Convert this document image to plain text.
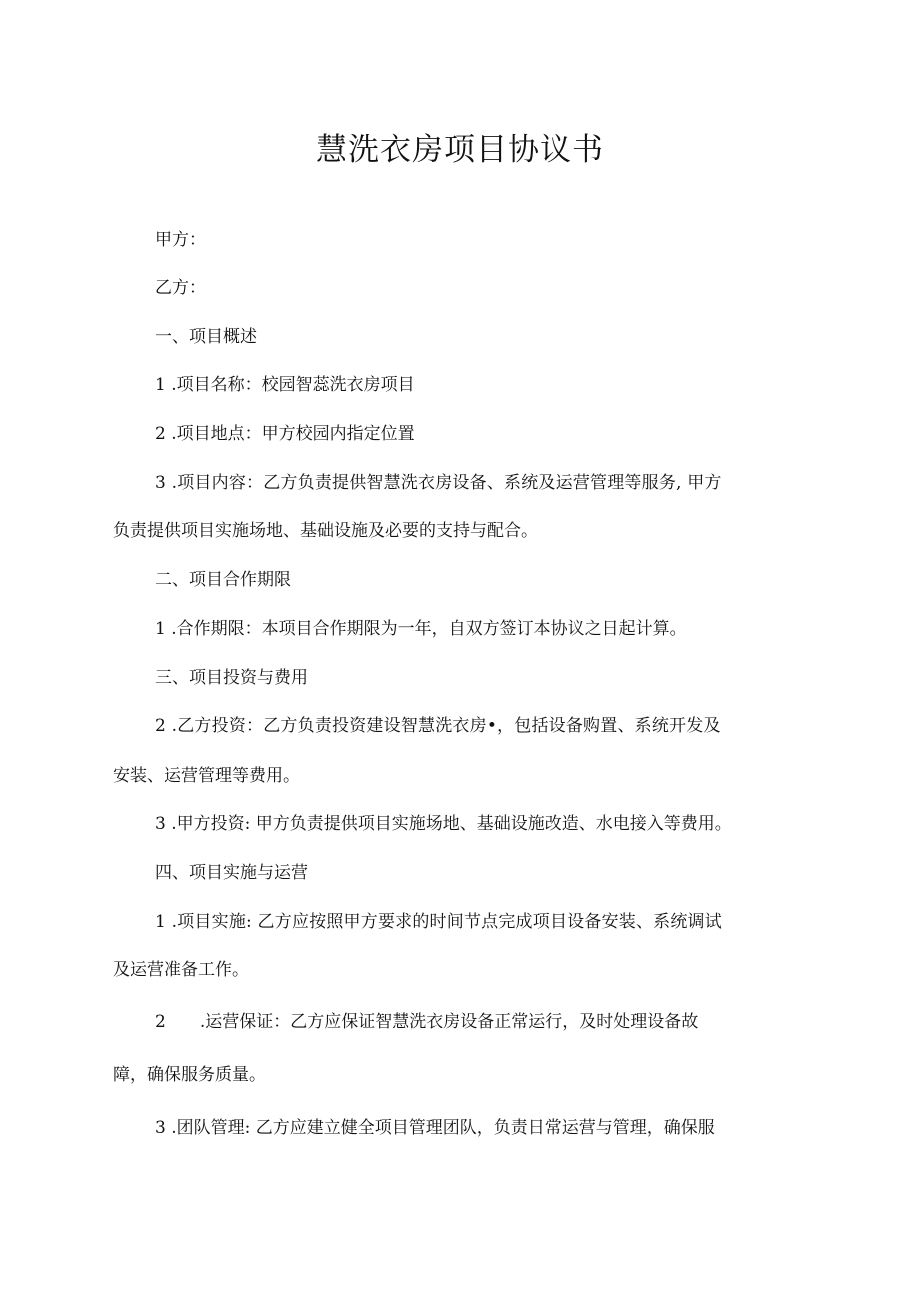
慧洗衣房项目协议书
甲方：
乙方：
一、项目概述
1 .项目名称：校园智蕊洗衣房项目
2 .项目地点：甲方校园内指定位置
3 .项目内容：乙方负责提供智慧洗衣房设备、系统及运营管理等服务, 甲方
负责提供项目实施场地、基础设施及必要的支持与配合。
二、项目合作期限
1 .合作期限：本项目合作期限为一年，自双方签订本协议之日起计算。
三、项目投资与费用
2 .乙方投资：乙方负责投资建设智慧洗衣房•，包括设备购置、系统开发及
安装、运营管理等费用。
3 .甲方投资: 甲方负责提供项目实施场地、基础设施改造、水电接入等费用。
四、项目实施与运营
1 .项目实施: 乙方应按照甲方要求的时间节点完成项目设备安装、系统调试
及运营准备工作。
2　　.运营保证：乙方应保证智慧洗衣房设备正常运行，及时处理设备故
障，确保服务质量。
3 .团队管理: 乙方应建立健全项目管理团队，负责日常运营与管理，确保服
